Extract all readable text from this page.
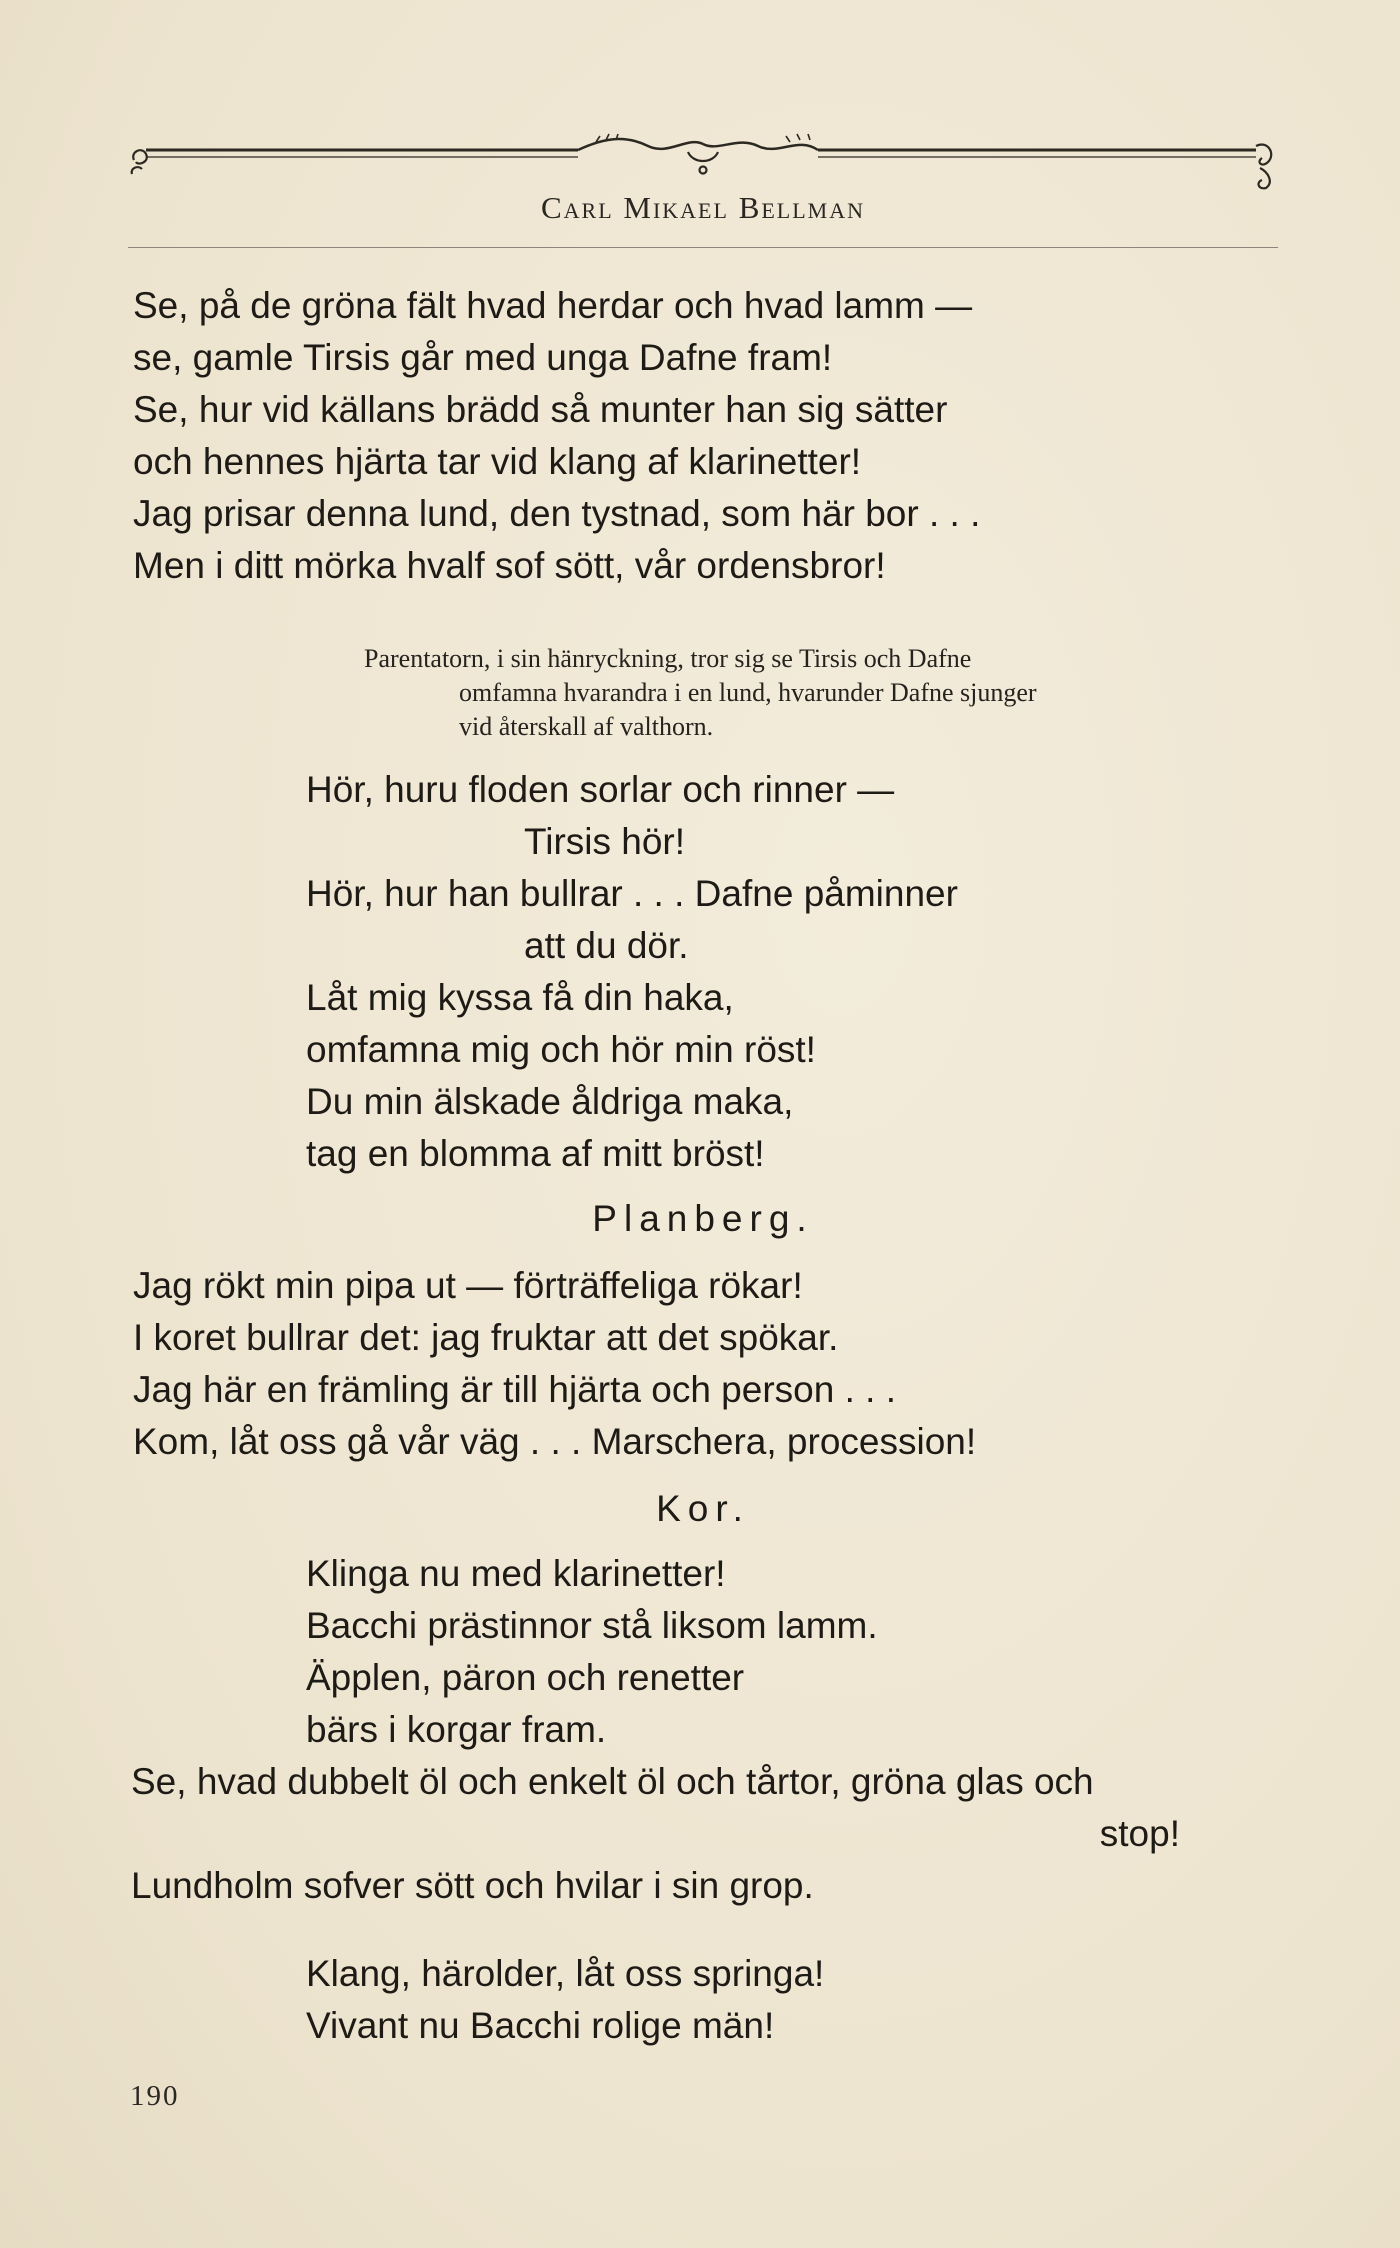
Carl Mikael Bellman
Se, på de gröna fält hvad herdar och hvad lamm —
se, gamle Tirsis går med unga Dafne fram!
Se, hur vid källans brädd så munter han sig sätter
och hennes hjärta tar vid klang af klarinetter!
Jag prisar denna lund, den tystnad, som här bor . . .
Men i ditt mörka hvalf sof sött, vår ordensbror!
Parentatorn, i sin hänryckning, tror sig se Tirsis och Dafne
omfamna hvarandra i en lund, hvarunder Dafne sjunger
vid återskall af valthorn.
Hör, huru floden sorlar och rinner —
Tirsis hör!
Hör, hur han bullrar . . . Dafne påminner
att du dör.
Låt mig kyssa få din haka,
omfamna mig och hör min röst!
Du min älskade åldriga maka,
tag en blomma af mitt bröst!
Planberg.
Jag rökt min pipa ut — förträffeliga rökar!
I koret bullrar det: jag fruktar att det spökar.
Jag här en främling är till hjärta och person . . .
Kom, låt oss gå vår väg . . . Marschera, procession!
Kor.
Klinga nu med klarinetter!
Bacchi prästinnor stå liksom lamm.
Äpplen, päron och renetter
bärs i korgar fram.
Se, hvad dubbelt öl och enkelt öl och tårtor, gröna glas och
stop!
Lundholm sofver sött och hvilar i sin grop.
Klang, härolder, låt oss springa!
Vivant nu Bacchi rolige män!
190
